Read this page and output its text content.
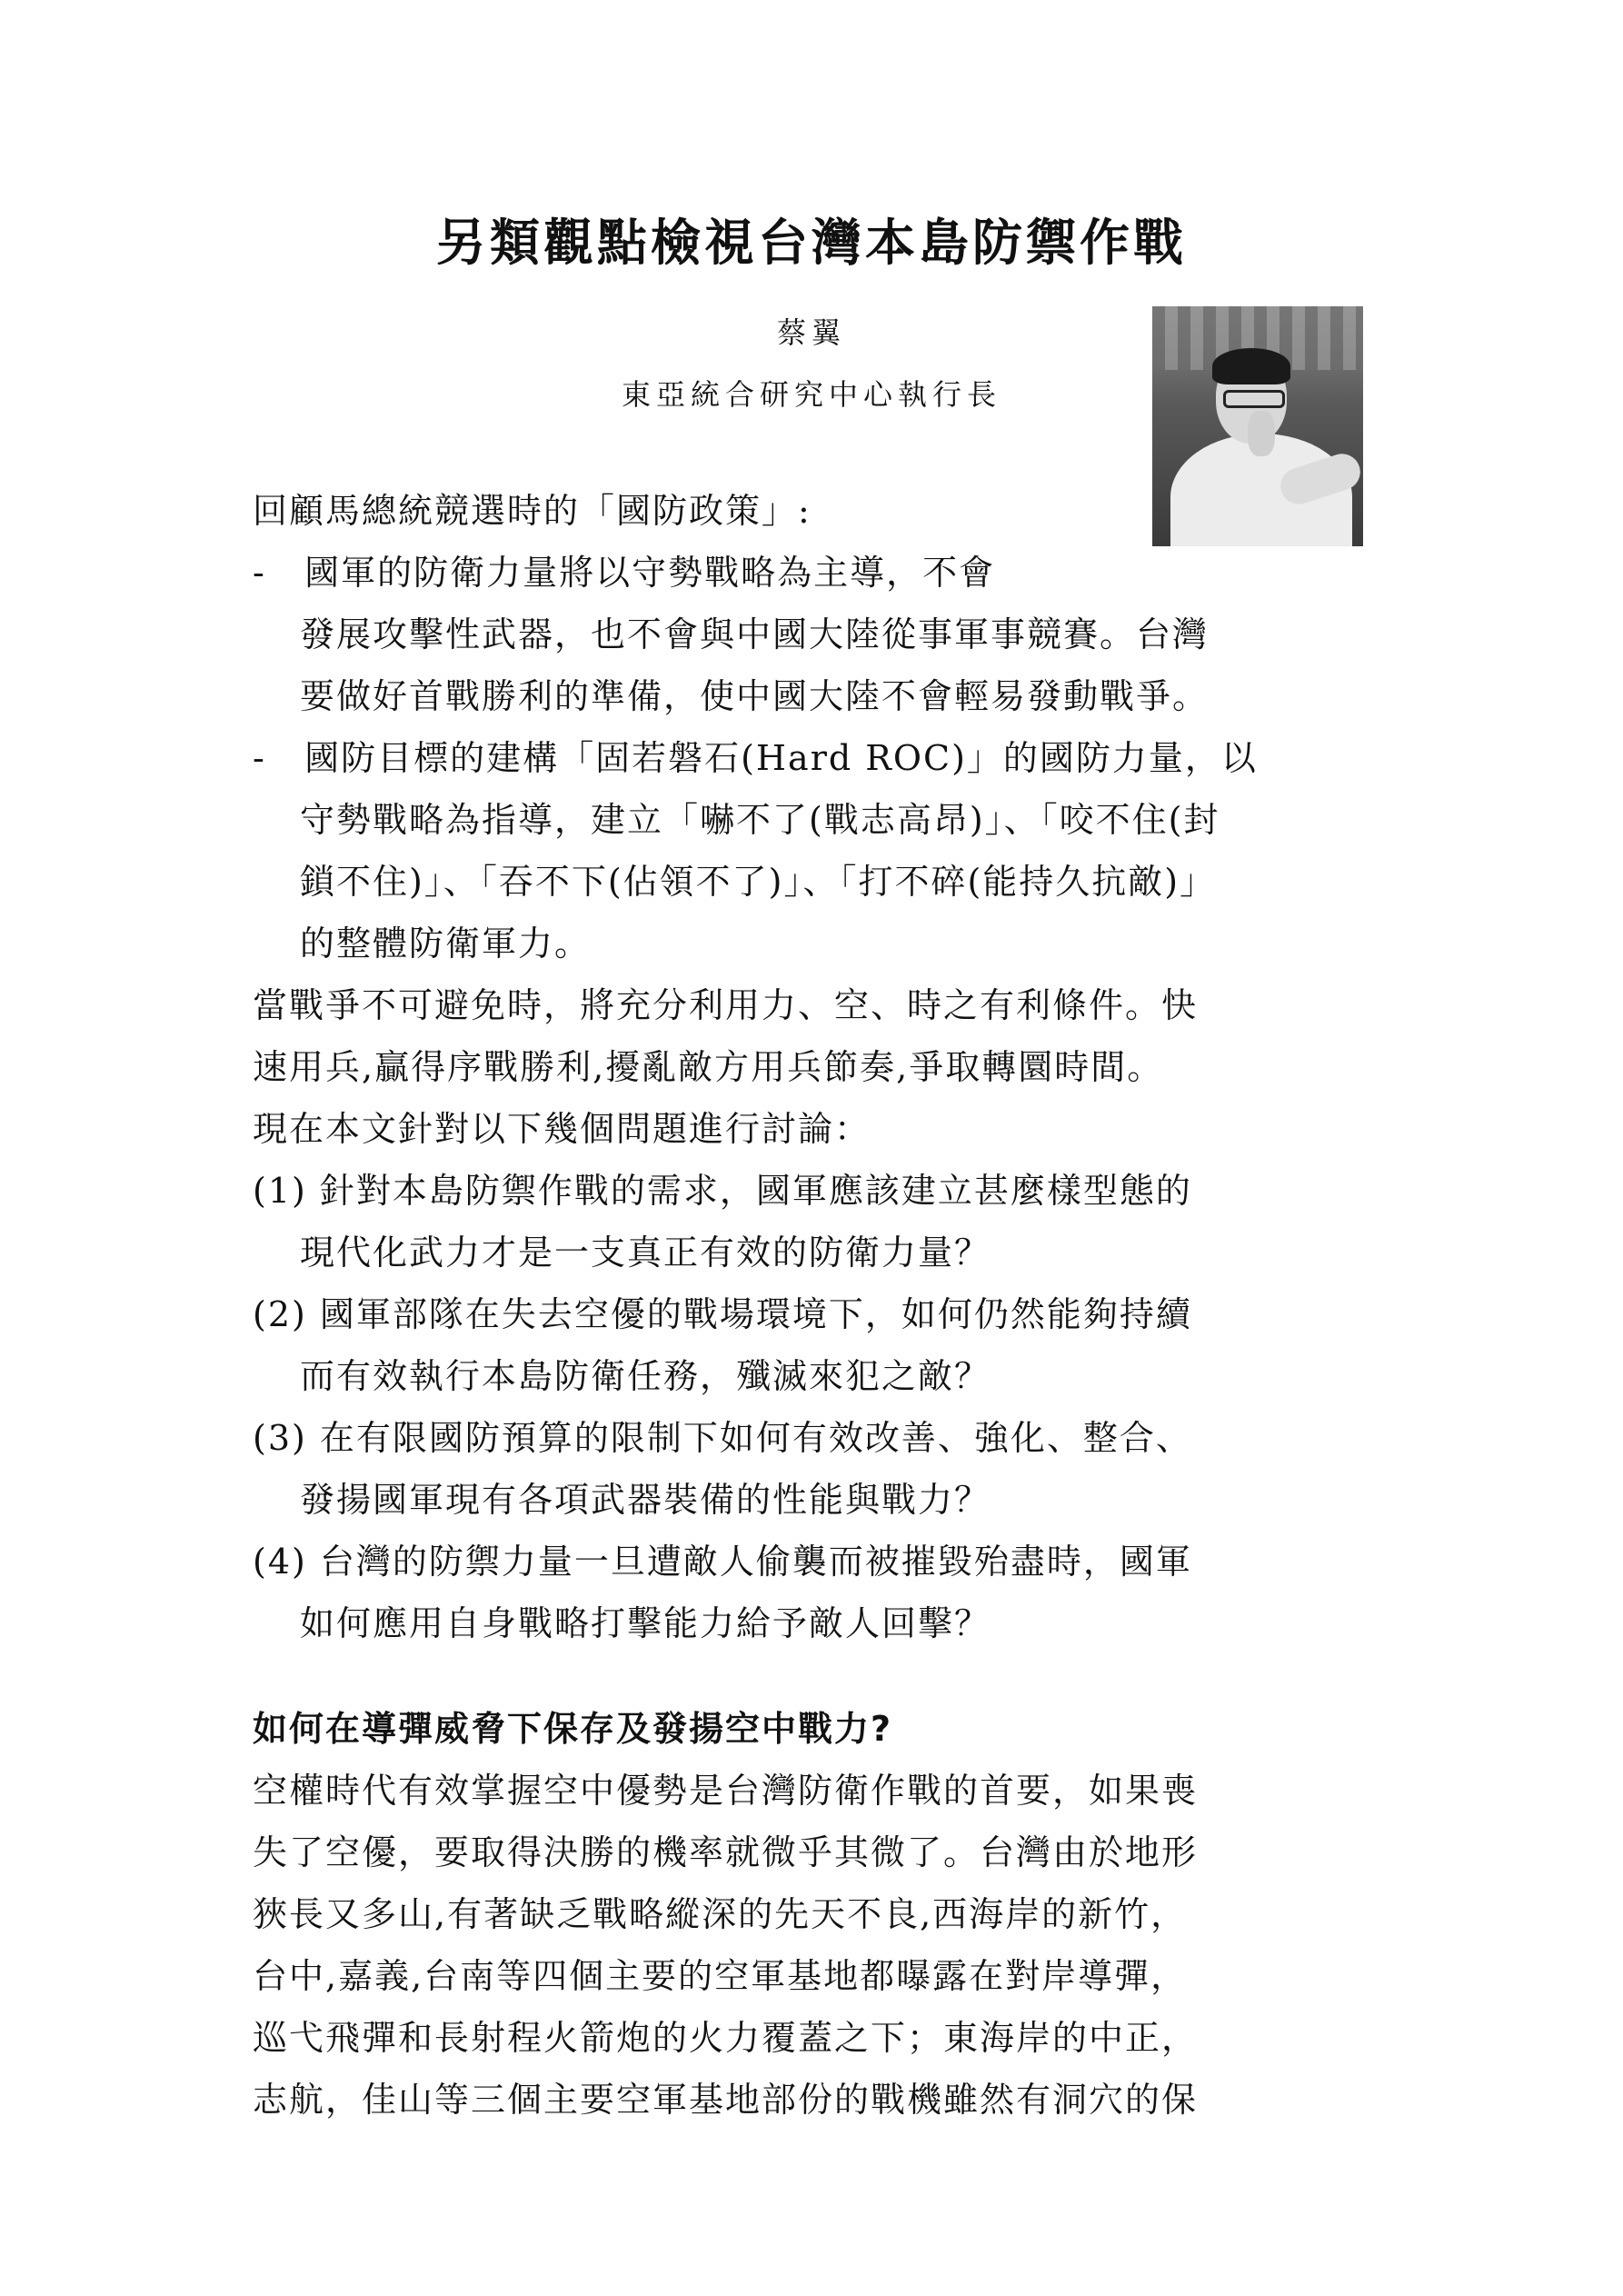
另類觀點檢視台灣本島防禦作戰
蔡翼
東亞統合研究中心執行長
回顧馬總統競選時的「國防政策」:
-   國軍的防衛力量將以守勢戰略為主導，不會
發展攻擊性武器，也不會與中國大陸從事軍事競賽。台灣
要做好首戰勝利的準備，使中國大陸不會輕易發動戰爭。
-   國防目標的建構「固若磐石(Hard ROC)」的國防力量，以
守勢戰略為指導，建立「嚇不了(戰志高昂)」、「咬不住(封
鎖不住)」、「吞不下(佔領不了)」、「打不碎(能持久抗敵)」
的整體防衛軍力。
當戰爭不可避免時，將充分利用力、空、時之有利條件。快
速用兵,贏得序戰勝利,擾亂敵方用兵節奏,爭取轉圜時間。
現在本文針對以下幾個問題進行討論：
(1) 針對本島防禦作戰的需求，國軍應該建立甚麼樣型態的
現代化武力才是一支真正有效的防衛力量？
(2) 國軍部隊在失去空優的戰場環境下，如何仍然能夠持續
而有效執行本島防衛任務，殲滅來犯之敵？
(3) 在有限國防預算的限制下如何有效改善、強化、整合、
發揚國軍現有各項武器裝備的性能與戰力？
(4) 台灣的防禦力量一旦遭敵人偷襲而被摧毀殆盡時，國軍
如何應用自身戰略打擊能力給予敵人回擊？
如何在導彈威脅下保存及發揚空中戰力?
空權時代有效掌握空中優勢是台灣防衛作戰的首要，如果喪
失了空優，要取得決勝的機率就微乎其微了。台灣由於地形
狹長又多山,有著缺乏戰略縱深的先天不良,西海岸的新竹，
台中,嘉義,台南等四個主要的空軍基地都曝露在對岸導彈，
巡弋飛彈和長射程火箭炮的火力覆蓋之下；東海岸的中正，
志航，佳山等三個主要空軍基地部份的戰機雖然有洞穴的保
